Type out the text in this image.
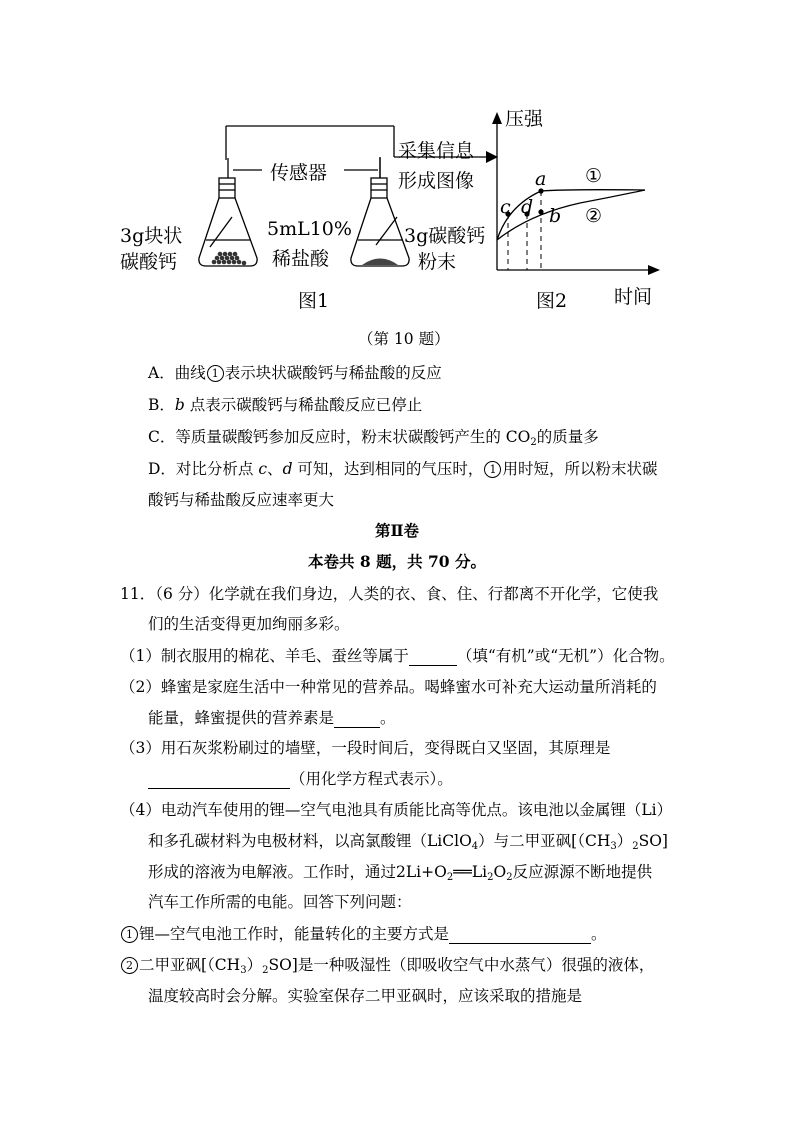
压强
采集信息
形成图像
传感器
3g块状
碳酸钙
5mL10%
稀盐酸
3g碳酸钙
粉末
图1	图2 时间
a
b
c d
①
②
（第 10 题）
A．曲线 1 表示块状碳酸钙与稀盐酸的反应
B．b 点表示碳酸钙与稀盐酸反应已停止
C．等质量碳酸钙参加反应时，粉末状碳酸钙产生的 $CO_2$的质量多
D．对比分析点 c、d 可知，达到相同的气压时， 1 用时短，所以粉末状碳
酸钙与稀盐酸反应速率更大
第Ⅱ卷
本卷共 8 题，共 70 分。
11．（6 分）化学就在我们身边，人类的衣、食、住、行都离不开化学，它使我
们的生活变得更加绚丽多彩。
（1）制衣服用的棉花、羊毛、蚕丝等属于	（填“有机”或“无机”）化合物。
（2）蜂蜜是家庭生活中一种常见的营养品。喝蜂蜜水可补充大运动量所消耗的
能量，蜂蜜提供的营养素是	。
（3）用石灰浆粉刷过的墙壁，一段时间后，变得既白又坚固，其原理是
（用化学方程式表示）。
（4）电动汽车使用的锂—空气电池具有质能比高等优点。该电池以金属锂（Li）
和多孔碳材料为电极材料，以高氯酸锂（LiClO$_4$）与二甲亚砜$[(CH_3)_2SO]$
形成的溶液为电解液。工作时，通过$2Li+O_2══Li_2O_2$反应源源不断地提供
汽车工作所需的电能。回答下列问题：
1 锂—空气电池工作时，能量转化的主要方式是	。
2 二甲亚砜$[(CH_3)_2SO]$是一种吸湿性（即吸收空气中水蒸气）很强的液体，
温度较高时会分解。实验室保存二甲亚砜时，应该采取的措施是
